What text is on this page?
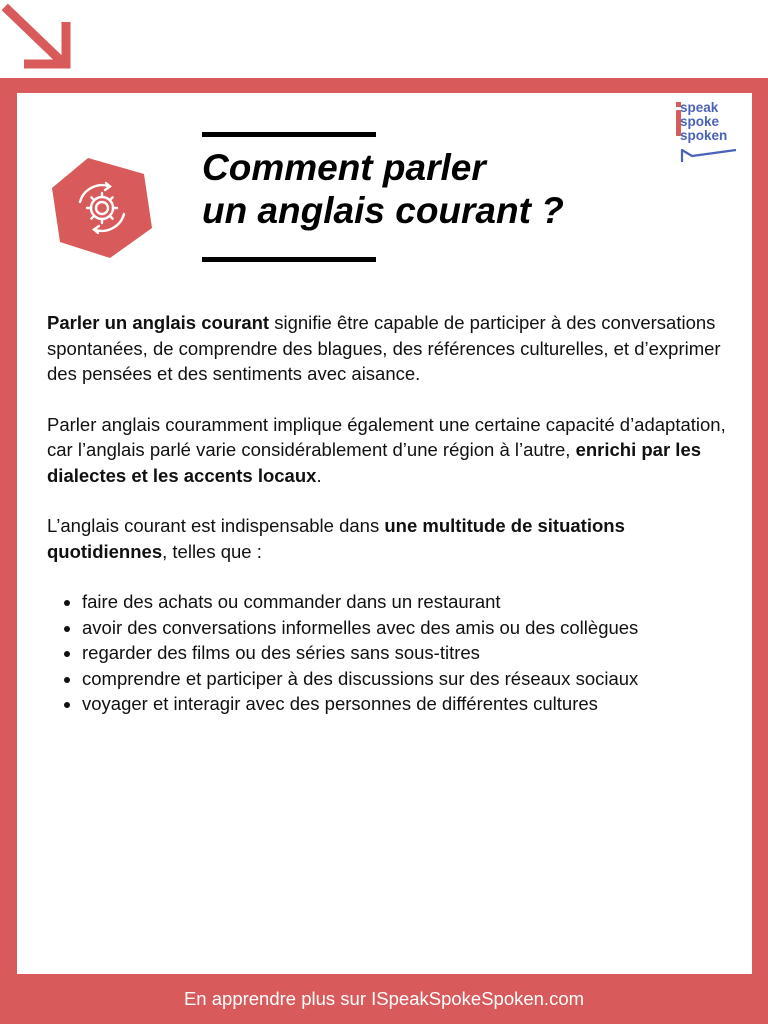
speak
spoke
spoken
Comment parler
un anglais courant ?

Parler un anglais courant signifie être capable de participer à des conversations spontanées, de comprendre des blagues, des références culturelles, et d’exprimer des pensées et des sentiments avec aisance.

Parler anglais couramment implique également une certaine capacité d’adaptation, car l’anglais parlé varie considérablement d’une région à l’autre, enrichi par les dialectes et les accents locaux.

L’anglais courant est indispensable dans une multitude de situations quotidiennes, telles que :

• faire des achats ou commander dans un restaurant
• avoir des conversations informelles avec des amis ou des collègues
• regarder des films ou des séries sans sous-titres
• comprendre et participer à des discussions sur des réseaux sociaux
• voyager et interagir avec des personnes de différentes cultures
En apprendre plus sur ISpeakSpokeSpoken.com
